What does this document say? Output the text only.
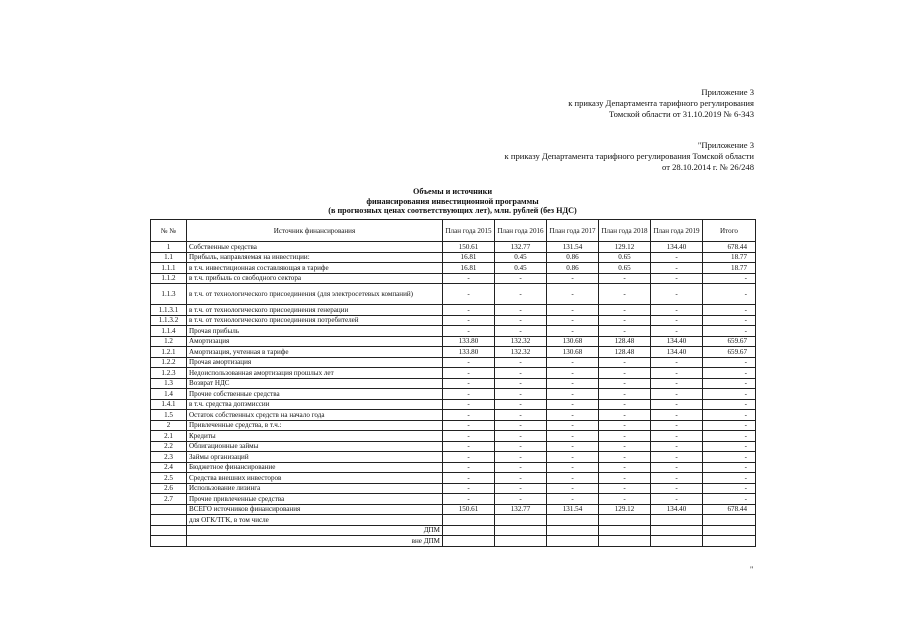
Приложение 3
к приказу Департамента тарифного регулирования
Томской области от 31.10.2019 № 6-343
"Приложение 3
к приказу Департамента тарифного регулирования Томской области
от 28.10.2014 г. № 26/248
Объемы и источники
финансирования инвестиционной программы
(в прогнозных ценах соответствующих лет), млн. рублей (без НДС)
№ №	Источник финансирования	План года 2015	План года 2016	План года 2017	План года 2018	План года 2019	Итого
1	Собственные средства	150.61	132.77	131.54	129.12	134.40	678.44
1.1	Прибыль, направляемая на инвестиции:	16.81	0.45	0.86	0.65	-	18.77
1.1.1	в т.ч. инвестиционная составляющая в тарифе	16.81	0.45	0.86	0.65	-	18.77
1.1.2	в т.ч. прибыль со свободного сектора	-	-	-	-	-	-
1.1.3	в т.ч. от технологического присоединения (для электросетевых компаний)	-	-	-	-	-	-
1.1.3.1	в т.ч. от технологического присоединения генерации	-	-	-	-	-	-
1.1.3.2	в т.ч. от технологического присоединения потребителей	-	-	-	-	-	-
1.1.4	Прочая прибыль	-	-	-	-	-	-
1.2	Амортизация	133.80	132.32	130.68	128.48	134.40	659.67
1.2.1	Амортизация, учтенная в тарифе	133.80	132.32	130.68	128.48	134.40	659.67
1.2.2	Прочая амортизация	-	-	-	-	-	-
1.2.3	Недоиспользованная амортизация прошлых лет	-	-	-	-	-	-
1.3	Возврат НДС	-	-	-	-	-	-
1.4	Прочие собственные средства	-	-	-	-	-	-
1.4.1	в т.ч. средства допэмиссии	-	-	-	-	-	-
1.5	Остаток собственных средств на начало года	-	-	-	-	-	-
2	Привлеченные средства, в т.ч.:	-	-	-	-	-	-
2.1	Кредиты	-	-	-	-	-	-
2.2	Облигационные займы	-	-	-	-	-	-
2.3	Займы организаций	-	-	-	-	-	-
2.4	Бюджетное финансирование	-	-	-	-	-	-
2.5	Средства внешних инвесторов	-	-	-	-	-	-
2.6	Использование лизинга	-	-	-	-	-	-
2.7	Прочие привлеченные средства	-	-	-	-	-	-
	ВСЕГО источников финансирования	150.61	132.77	131.54	129.12	134.40	678.44
	для ОГК/ТГК, в том числе						
	ДПМ						
	вне ДПМ						
"
